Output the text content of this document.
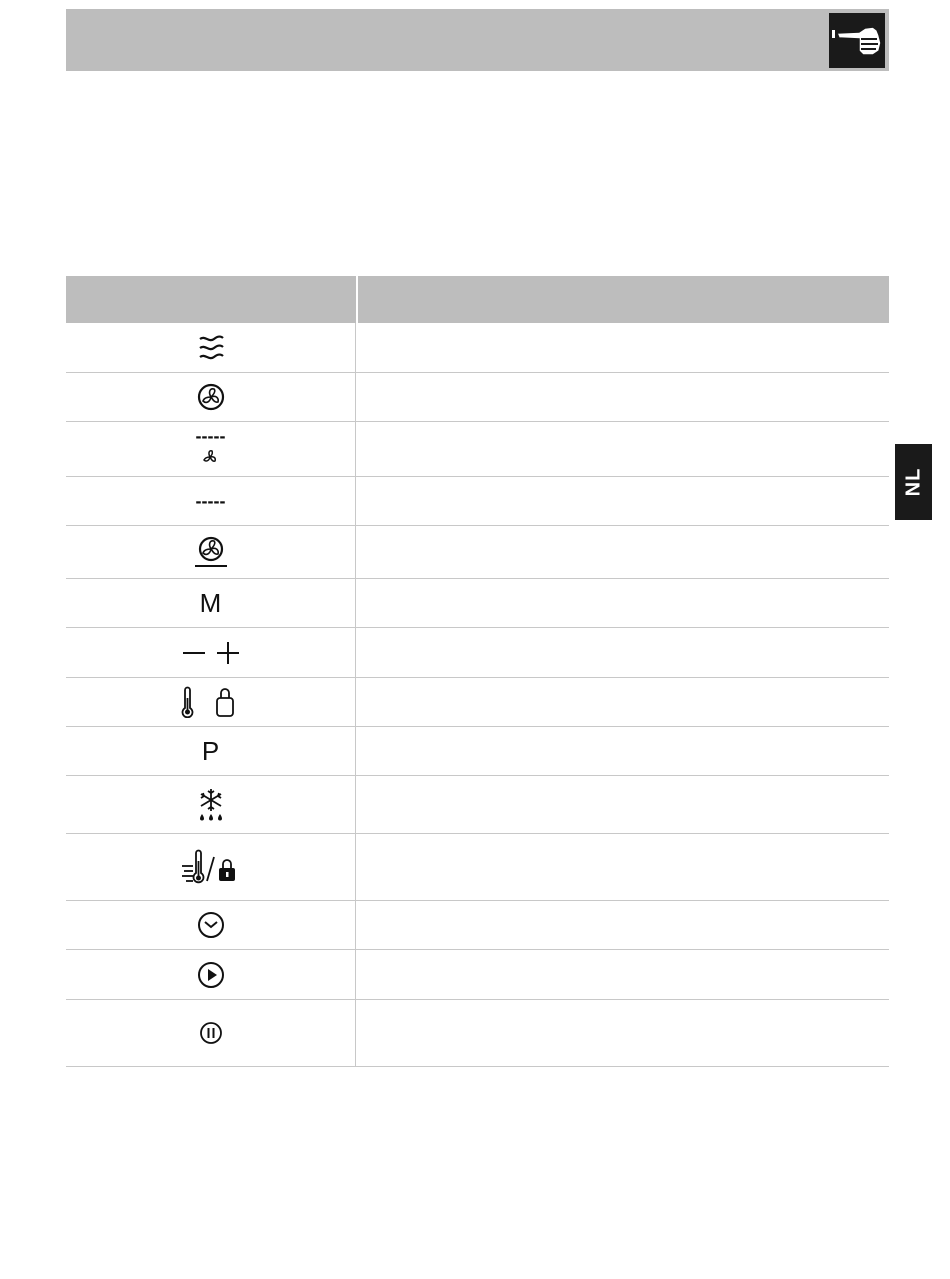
NL
-----
-----
M
P
